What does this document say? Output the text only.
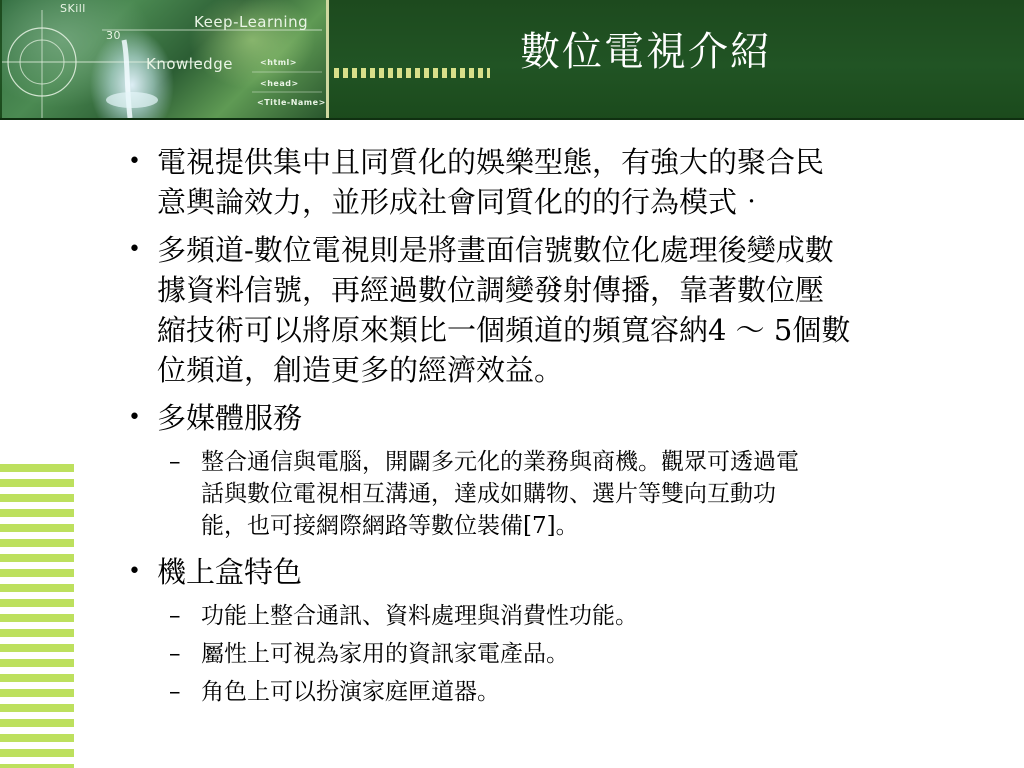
SKill
30
Keep-Learning
Knowledge	<html>
<head>
<Title-Name>
數位電視介紹
• 電視提供集中且同質化的娛樂型態，有強大的聚合民
意輿論效力，並形成社會同質化的的行為模式‧
• 多頻道-數位電視則是將畫面信號數位化處理後變成數
據資料信號，再經過數位調變發射傳播，靠著數位壓
縮技術可以將原來類比一個頻道的頻寬容納4 ～ 5個數
位頻道，創造更多的經濟效益。
• 多媒體服務
– 整合通信與電腦，開闢多元化的業務與商機。觀眾可透過電
話與數位電視相互溝通，達成如購物、選片等雙向互動功
能，也可接網際網路等數位裝備[7]。
• 機上盒特色
– 功能上整合通訊、資料處理與消費性功能。
– 屬性上可視為家用的資訊家電產品。
– 角色上可以扮演家庭匣道器。
